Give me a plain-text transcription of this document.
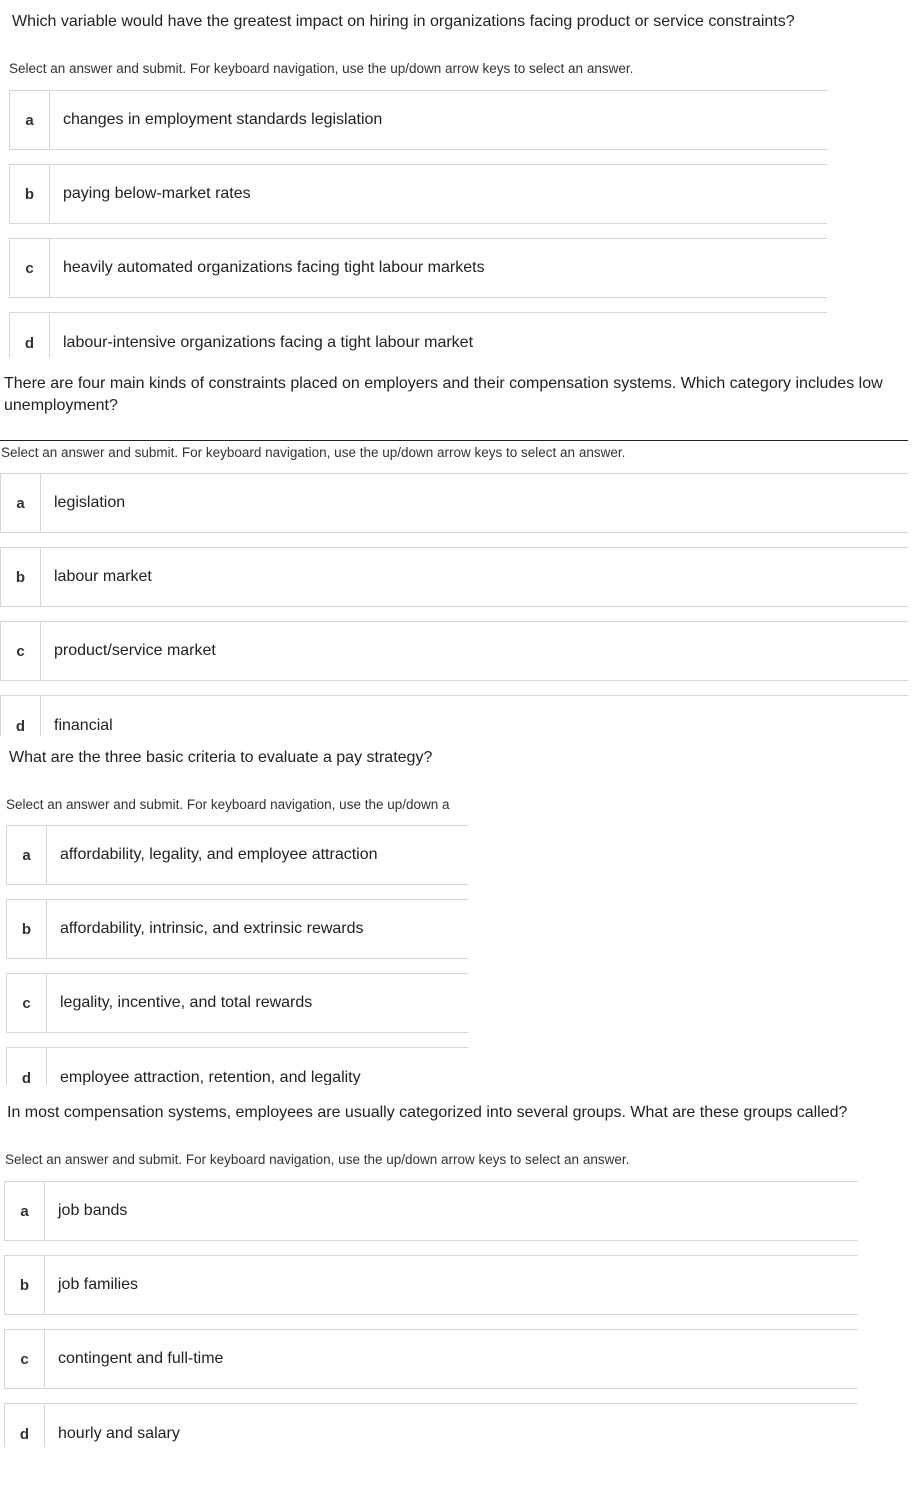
Which variable would have the greatest impact on hiring in organizations facing product or service constraints?

Select an answer and submit. For keyboard navigation, use the up/down arrow keys to select an answer.

a	changes in employment standards legislation
b	paying below-market rates
c	heavily automated organizations facing tight labour markets
d	labour-intensive organizations facing a tight labour market

There are four main kinds of constraints placed on employers and their compensation systems. Which category includes low unemployment?

Select an answer and submit. For keyboard navigation, use the up/down arrow keys to select an answer.

a	legislation
b	labour market
c	product/service market
d	financial

What are the three basic criteria to evaluate a pay strategy?

Select an answer and submit. For keyboard navigation, use the up/down a

a	affordability, legality, and employee attraction
b	affordability, intrinsic, and extrinsic rewards
c	legality, incentive, and total rewards
d	employee attraction, retention, and legality

In most compensation systems, employees are usually categorized into several groups. What are these groups called?

Select an answer and submit. For keyboard navigation, use the up/down arrow keys to select an answer.

a	job bands
b	job families
c	contingent and full-time
d	hourly and salary
